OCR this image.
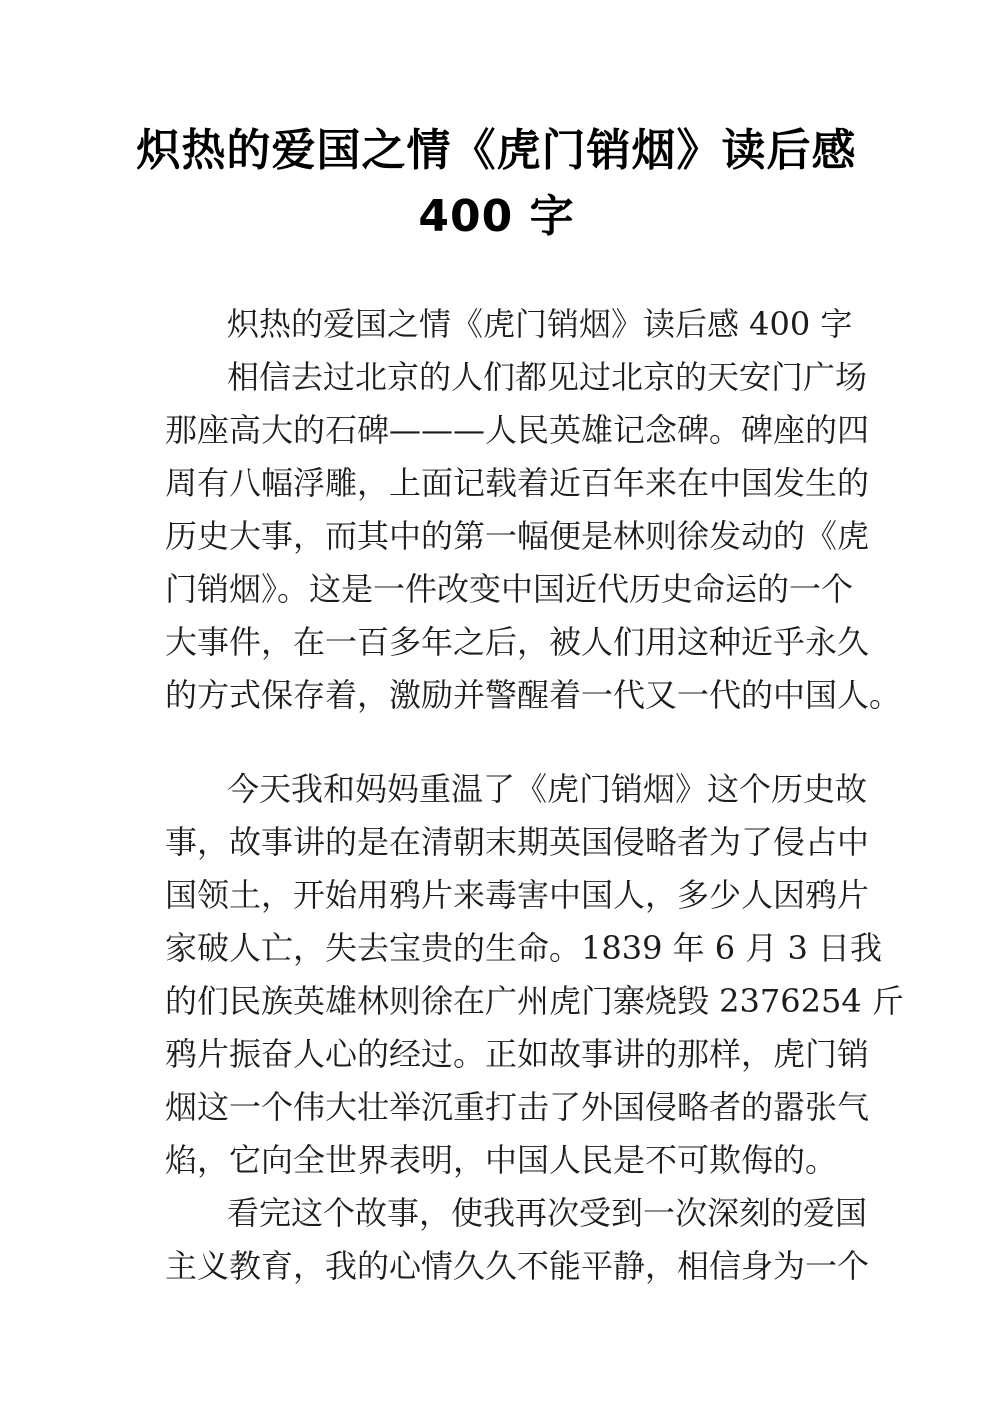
炽热的爱国之情《虎门销烟》读后感
400 字
炽热的爱国之情《虎门销烟》读后感 400 字
相信去过北京的人们都见过北京的天安门广场
那座高大的石碑———人民英雄记念碑。碑座的四
周有八幅浮雕，上面记载着近百年来在中国发生的
历史大事，而其中的第一幅便是林则徐发动的《虎
门销烟》。这是一件改变中国近代历史命运的一个
大事件，在一百多年之后，被人们用这种近乎永久
的方式保存着，激励并警醒着一代又一代的中国人。
今天我和妈妈重温了《虎门销烟》这个历史故
事，故事讲的是在清朝末期英国侵略者为了侵占中
国领土，开始用鸦片来毒害中国人，多少人因鸦片
家破人亡，失去宝贵的生命。1839 年 6 月 3 日我
的们民族英雄林则徐在广州虎门寨烧毁 2376254 斤
鸦片振奋人心的经过。正如故事讲的那样，虎门销
烟这一个伟大壮举沉重打击了外国侵略者的嚣张气
焰，它向全世界表明，中国人民是不可欺侮的。
看完这个故事，使我再次受到一次深刻的爱国
主义教育，我的心情久久不能平静，相信身为一个
